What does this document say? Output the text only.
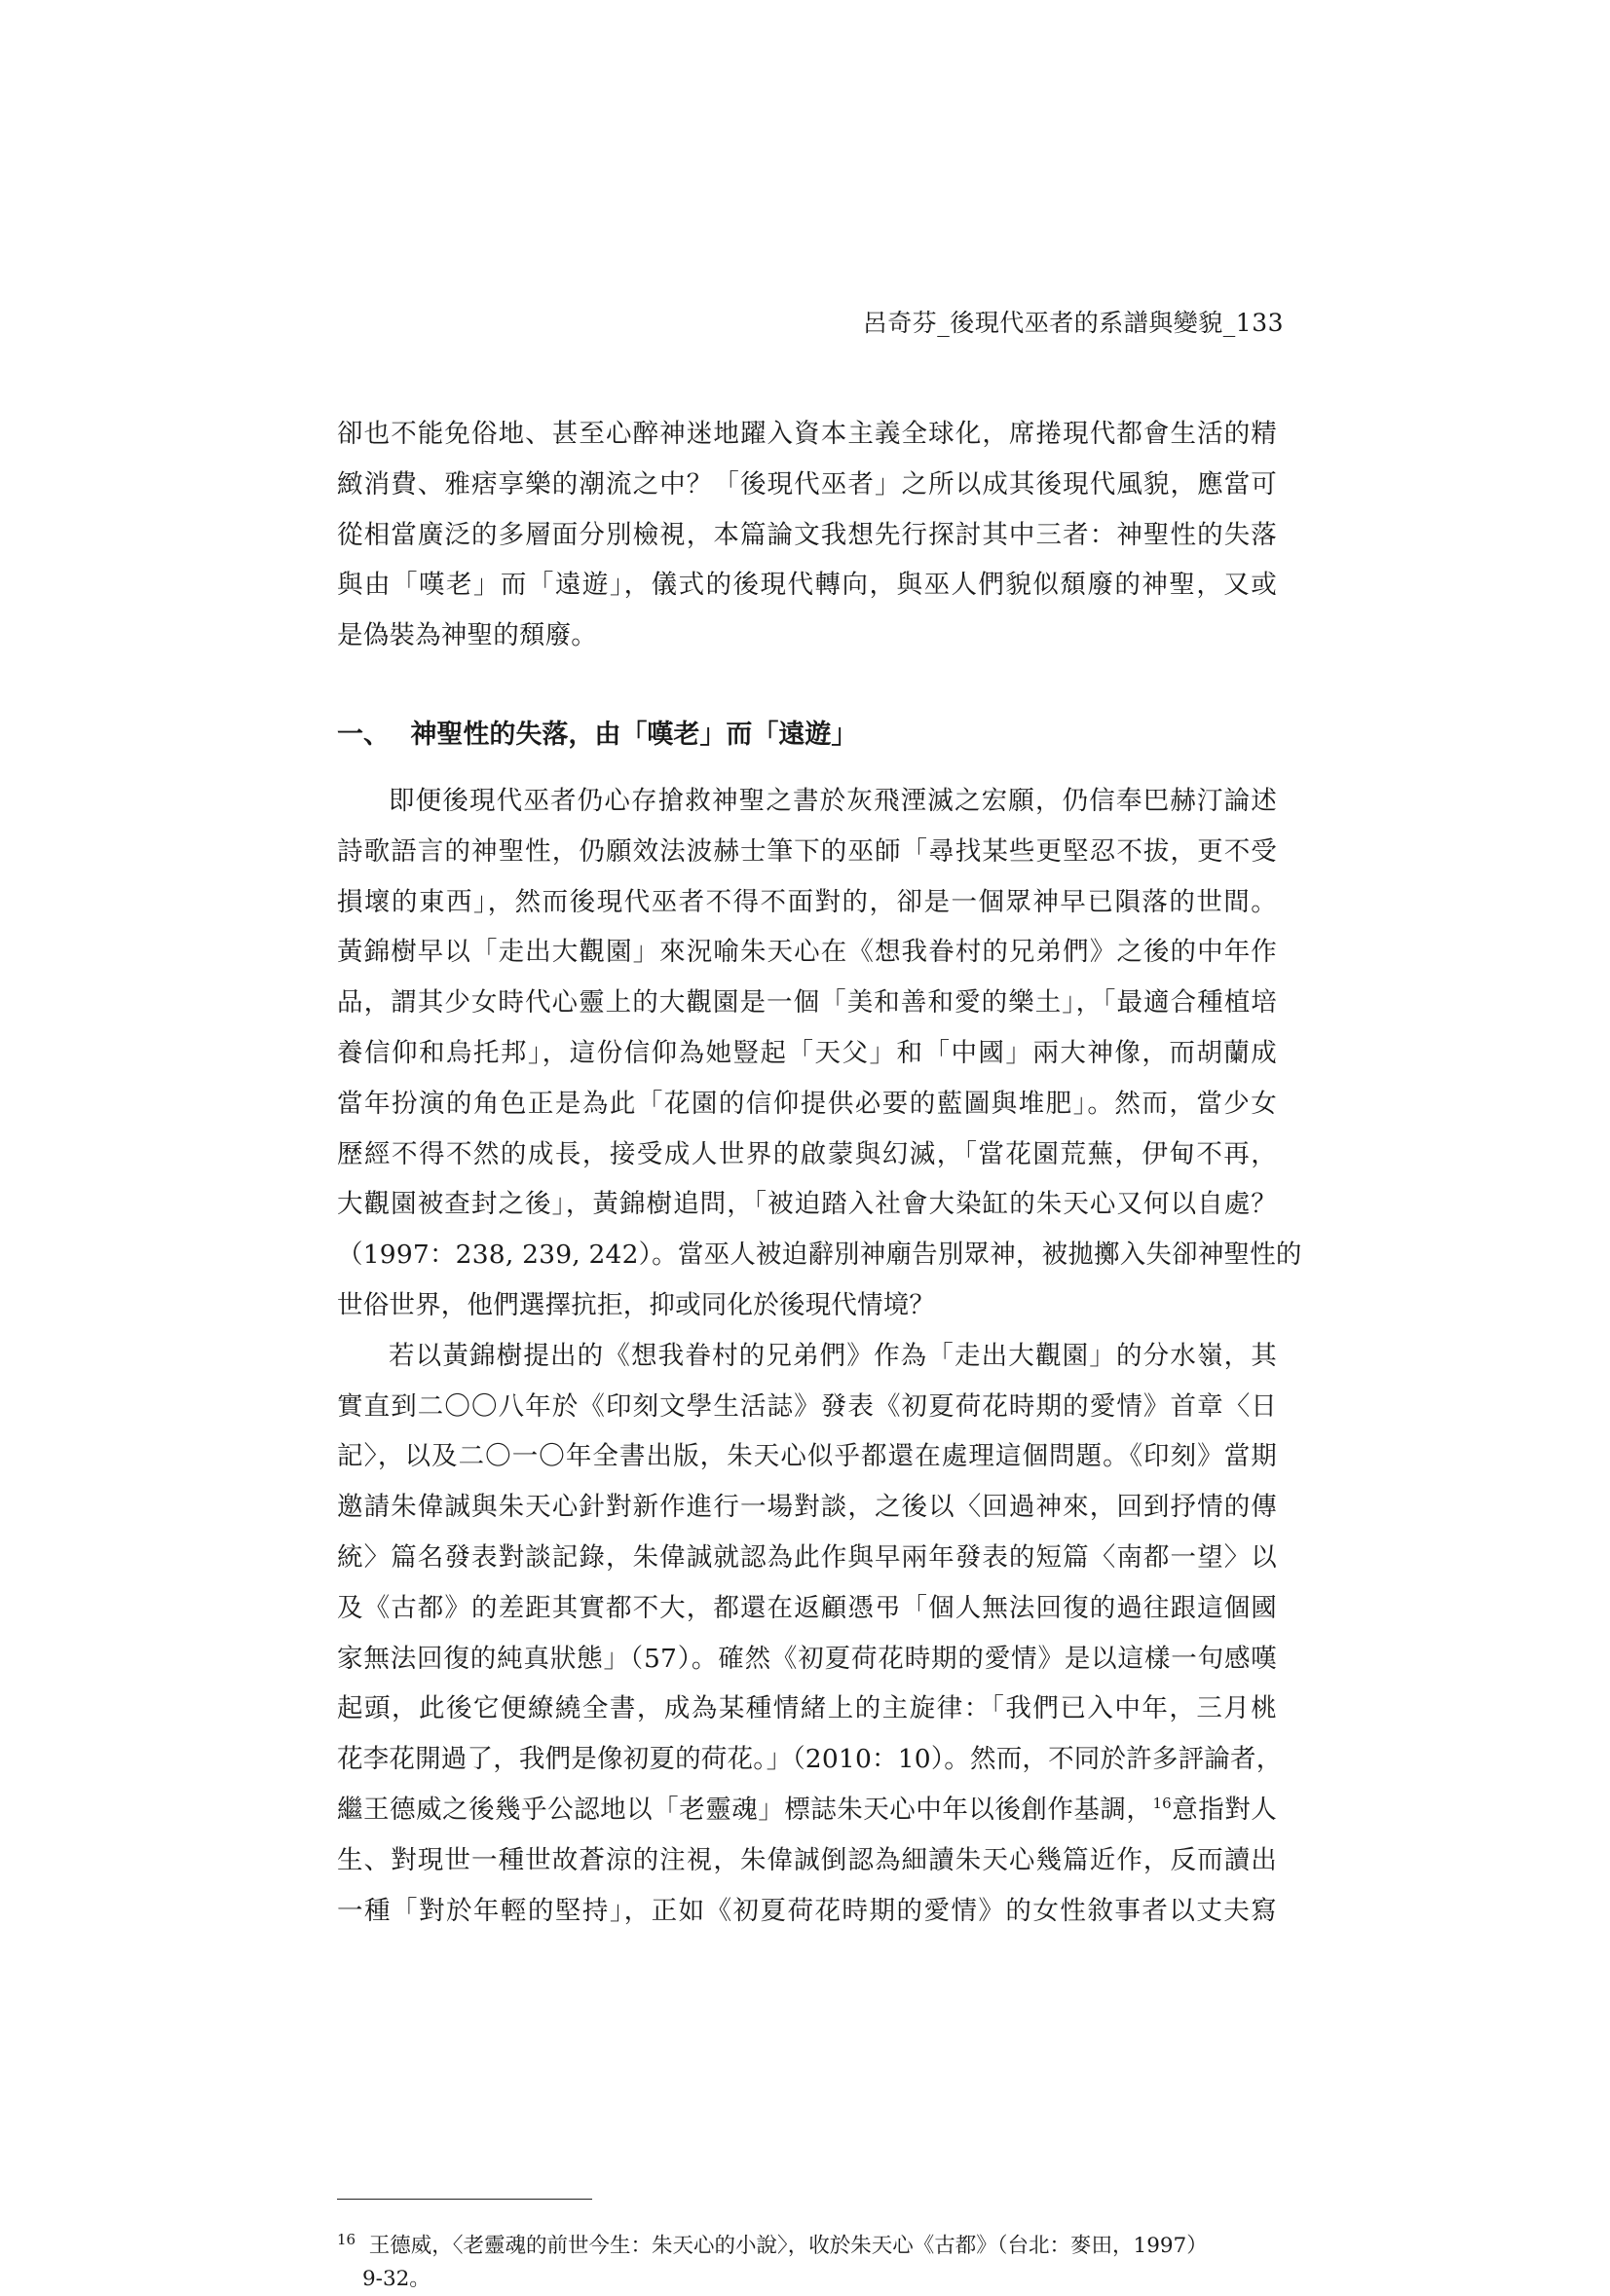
呂奇芬_後現代巫者的系譜與變貌_133

卻也不能免俗地、甚至心醉神迷地躍入資本主義全球化，席捲現代都會生活的精
緻消費、雅痞享樂的潮流之中？「後現代巫者」之所以成其後現代風貌，應當可
從相當廣泛的多層面分別檢視，本篇論文我想先行探討其中三者：神聖性的失落
與由「嘆老」而「遠遊」，儀式的後現代轉向，與巫人們貌似頹廢的神聖，又或
是偽裝為神聖的頹廢。

一、 神聖性的失落，由「嘆老」而「遠遊」

即便後現代巫者仍心存搶救神聖之書於灰飛湮滅之宏願，仍信奉巴赫汀論述
詩歌語言的神聖性，仍願效法波赫士筆下的巫師「尋找某些更堅忍不拔，更不受
損壞的東西」，然而後現代巫者不得不面對的，卻是一個眾神早已隕落的世間。
黃錦樹早以「走出大觀園」來況喻朱天心在《想我眷村的兄弟們》之後的中年作
品，謂其少女時代心靈上的大觀園是一個「美和善和愛的樂土」，「最適合種植培
養信仰和烏托邦」，這份信仰為她豎起「天父」和「中國」兩大神像，而胡蘭成
當年扮演的角色正是為此「花園的信仰提供必要的藍圖與堆肥」。然而，當少女
歷經不得不然的成長，接受成人世界的啟蒙與幻滅，「當花園荒蕪，伊甸不再，
大觀園被查封之後」，黃錦樹追問，「被迫踏入社會大染缸的朱天心又何以自處？
（1997：238, 239, 242）。當巫人被迫辭別神廟告別眾神，被拋擲入失卻神聖性的
世俗世界，他們選擇抗拒，抑或同化於後現代情境？

若以黃錦樹提出的《想我眷村的兄弟們》作為「走出大觀園」的分水嶺，其
實直到二〇〇八年於《印刻文學生活誌》發表《初夏荷花時期的愛情》首章〈日
記〉，以及二〇一〇年全書出版，朱天心似乎都還在處理這個問題。《印刻》當期
邀請朱偉誠與朱天心針對新作進行一場對談，之後以〈回過神來，回到抒情的傳
統〉篇名發表對談記錄，朱偉誠就認為此作與早兩年發表的短篇〈南都一望〉以
及《古都》的差距其實都不大，都還在返顧憑弔「個人無法回復的過往跟這個國
家無法回復的純真狀態」（57）。確然《初夏荷花時期的愛情》是以這樣一句感嘆
起頭，此後它便繚繞全書，成為某種情緒上的主旋律：「我們已入中年，三月桃
花李花開過了，我們是像初夏的荷花。」（2010：10）。然而，不同於許多評論者，
繼王德威之後幾乎公認地以「老靈魂」標誌朱天心中年以後創作基調，$^{16}$意指對人
生、對現世一種世故蒼涼的注視，朱偉誠倒認為細讀朱天心幾篇近作，反而讀出
一種「對於年輕的堅持」，正如《初夏荷花時期的愛情》的女性敘事者以丈夫寫

$^{16}$ 王德威，〈老靈魂的前世今生：朱天心的小說〉，收於朱天心《古都》（台北：麥田，1997）
9-32。
